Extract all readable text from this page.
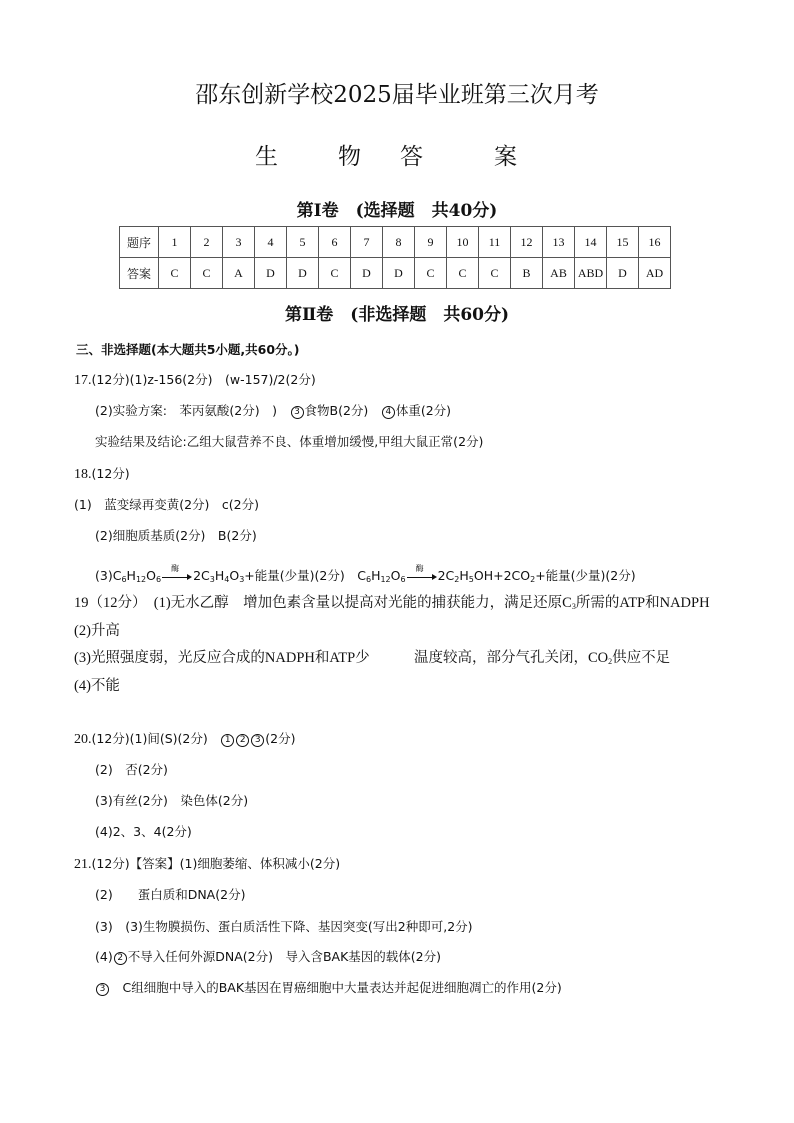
邵东创新学校2025届毕业班第三次月考
生	物 答	案
第Ⅰ卷　(选择题　共40分)
题序	1	2	3	4	5	6	7	8	9	10	11	12	13	14	15	16
答案	C	C	A	D	D	C	D	D	C	C	C	B	AB	ABD	D	AD
第Ⅱ卷　(非选择题　共60分)
三、非选择题(本大题共5小题,共60分。)
17.(12分)(1)z-156(2分)　(w-157)/2(2分)
(2)实验方案:　苯丙氨酸(2分)　)　3 食物B(2分)　4 体重(2分)
实验结果及结论:乙组大鼠营养不良、体重增加缓慢,甲组大鼠正常(2分)
18.(12分)
(1)　蓝变绿再变黄(2分)　c(2分)
(2)细胞质基质(2分)　B(2分)
$(3)C_6H_{12}O_6$
酶 $2C_3H_4O_3+$能量(少量)(2分)　$C_6H_{12}O_6$
酶 $2C_2H_5OH+2CO_2+$能量(少量)(2分)
19（12分）　(1)无水乙醇　增加色素含量以提高对光能的捕获能力，满足还原$C_3$所需的ATP和NADPH
(2)升高
(3)光照强度弱，光反应合成的NADPH和ATP少	温度较高，部分气孔关闭，$CO_2$供应不足
(4)不能
20.(12分)(1)间(S)(2分)　1 2 3 (2分)
(2)　否(2分)
(3)有丝(2分)　染色体(2分)
(4)2、3、4(2分)
21.(12分)【答案】(1)细胞萎缩、体积减小(2分)
(2)　　蛋白质和DNA(2分)
(3)　(3)生物膜损伤、蛋白质活性下降、基因突变(写出2种即可,2分)
(4) 2 不导入任何外源DNA(2分)　导入含BAK基因的载体(2分)
3　C组细胞中导入的BAK基因在胃癌细胞中大量表达并起促进细胞凋亡的作用(2分)
